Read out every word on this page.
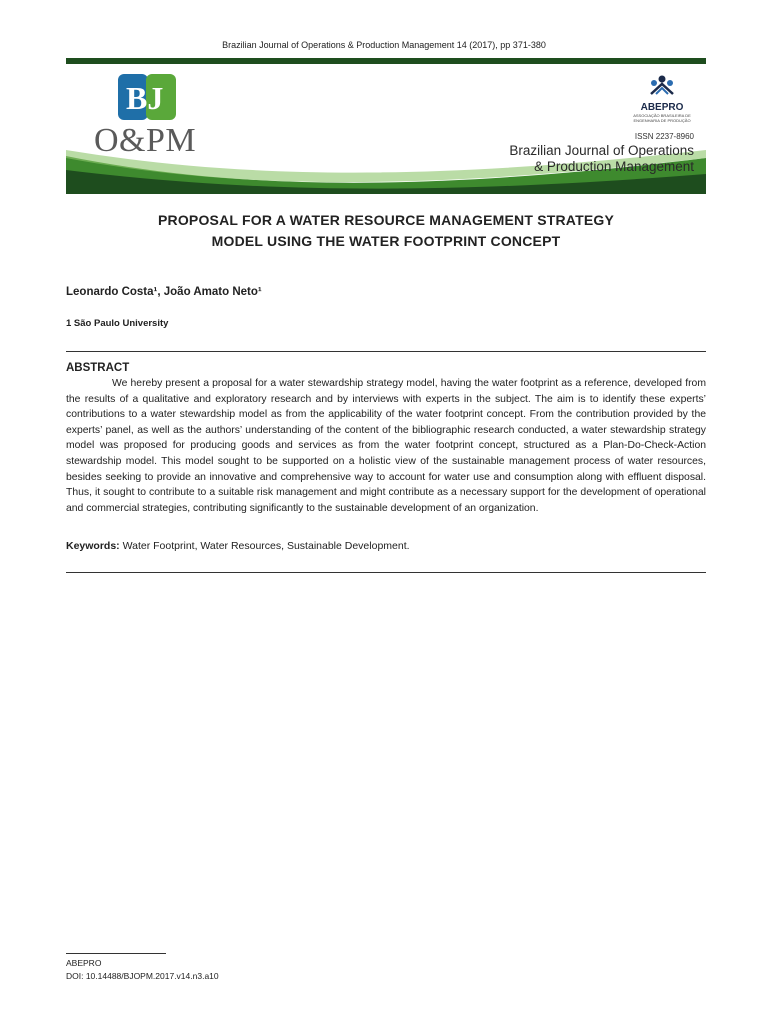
Brazilian Journal of Operations & Production Management 14 (2017), pp 371-380
BJ
O&PM
ABEPRO
ASSOCIAÇÃO BRASILEIRA DE
ENGENHARIA DE PRODUÇÃO
ISSN 2237-8960
Brazilian Journal of Operations
& Production Management
PROPOSAL FOR A WATER RESOURCE MANAGEMENT STRATEGY
MODEL USING THE WATER FOOTPRINT CONCEPT
Leonardo Costa¹, João Amato Neto¹
1 São Paulo University
ABSTRACT

We hereby present a proposal for a water stewardship strategy model, having the water footprint as a reference, developed from the results of a qualitative and exploratory research and by interviews with experts in the subject. The aim is to identify these experts’ contributions to a water stewardship model as from the applicability of the water footprint concept. From the contribution provided by the experts’ panel, as well as the authors’ understanding of the content of the bibliographic research conducted, a water stewardship strategy model was proposed for producing goods and services as from the water footprint concept, structured as a Plan-Do-Check-Action stewardship model. This model sought to be supported on a holistic view of the sustainable management process of water resources, besides seeking to provide an innovative and comprehensive way to account for water use and consumption along with effluent disposal. Thus, it sought to contribute to a suitable risk management and might contribute as a necessary support for the development of operational and commercial strategies, contributing significantly to the sustainable development of an organization.

Keywords: Water Footprint, Water Resources, Sustainable Development.
ABEPRO
DOI: 10.14488/BJOPM.2017.v14.n3.a10
